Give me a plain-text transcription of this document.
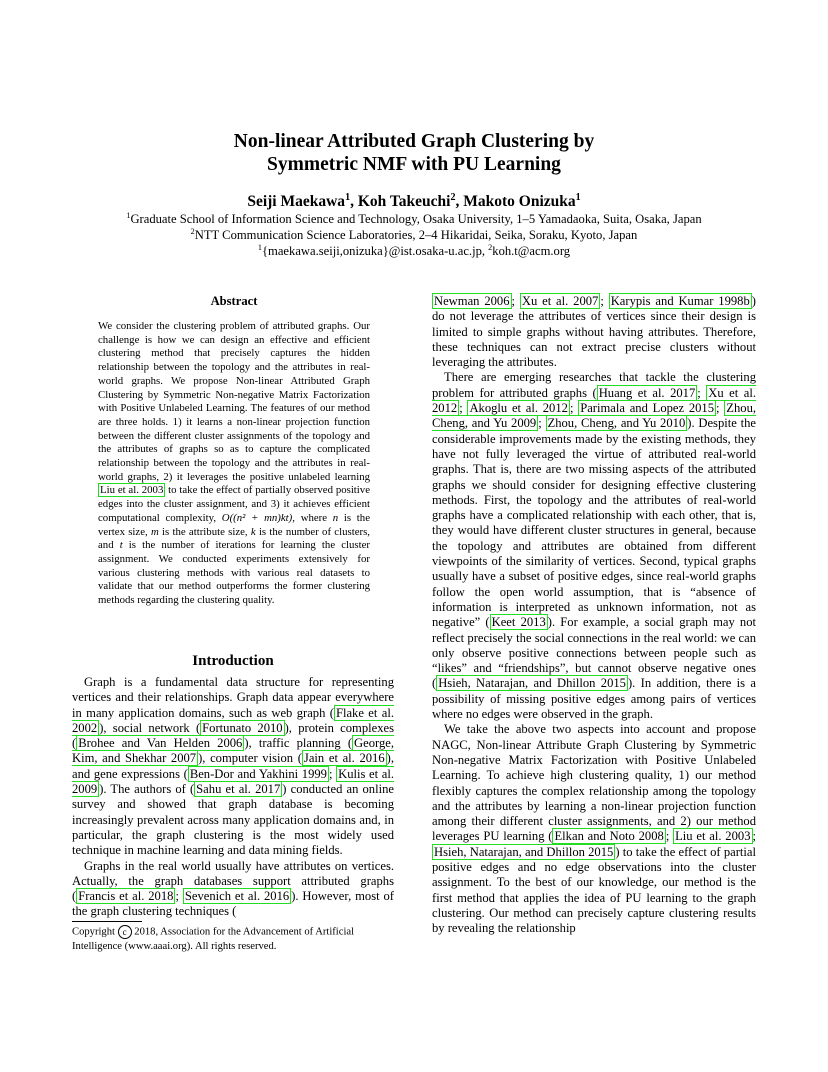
Non-linear Attributed Graph Clustering by
Symmetric NMF with PU Learning
Seiji Maekawa$^1$, Koh Takeuchi$^2$, Makoto Onizuka$^1$
$^1$Graduate School of Information Science and Technology, Osaka University, 1–5 Yamadaoka, Suita, Osaka, Japan
$^2$NTT Communication Science Laboratories, 2–4 Hikaridai, Seika, Soraku, Kyoto, Japan
$^1${maekawa.seiji,onizuka}@ist.osaka-u.ac.jp, $^2$koh.t@acm.org
Abstract
We consider the clustering problem of attributed graphs. Our challenge is how we can design an effective and efficient clustering method that precisely captures the hidden relationship between the topology and the attributes in real-world graphs. We propose Non-linear Attributed Graph Clustering by Symmetric Non-negative Matrix Factorization with Positive Unlabeled Learning. The features of our method are three holds. 1) it learns a non-linear projection function between the different cluster assignments of the topology and the attributes of graphs so as to capture the complicated relationship between the topology and the attributes in real-world graphs, 2) it leverages the positive unlabeled learning Liu et al. 2003 to take the effect of partially observed positive edges into the cluster assignment, and 3) it achieves efficient computational complexity, O((n² + mn)kt), where n is the vertex size, m is the attribute size, k is the number of clusters, and t is the number of iterations for learning the cluster assignment. We conducted experiments extensively for various clustering methods with various real datasets to validate that our method outperforms the former clustering methods regarding the clustering quality.
Introduction

Graph is a fundamental data structure for representing vertices and their relationships. Graph data appear everywhere in many application domains, such as web graph ( Flake et al. 2002 ), social network ( Fortunato 2010 ), protein complexes ( Brohee and Van Helden 2006 ), traffic planning ( George, Kim, and Shekhar 2007 ), computer vision ( Jain et al. 2016 ), and gene expressions ( Ben-Dor and Yakhini 1999 ; Kulis et al. 2009 ). The authors of ( Sahu et al. 2017 ) conducted an online survey and showed that graph database is becoming increasingly prevalent across many application domains and, in particular, the graph clustering is the most widely used technique in machine learning and data mining fields.

Graphs in the real world usually have attributes on vertices. Actually, the graph databases support attributed graphs ( Francis et al. 2018 ; Sevenich et al. 2016 ). However, most of the graph clustering techniques (

Newman 2006 ; Xu et al. 2007 ; Karypis and Kumar 1998b ) do not leverage the attributes of vertices since their design is limited to simple graphs without having attributes. Therefore, these techniques can not extract precise clusters without leveraging the attributes.

There are emerging researches that tackle the clustering problem for attributed graphs ( Huang et al. 2017 ; Xu et al. 2012 ; Akoglu et al. 2012 ; Parimala and Lopez 2015 ; Zhou, Cheng, and Yu 2009 ; Zhou, Cheng, and Yu 2010 ). Despite the considerable improvements made by the existing methods, they have not fully leveraged the virtue of attributed real-world graphs. That is, there are two missing aspects of the attributed graphs we should consider for designing effective clustering methods. First, the topology and the attributes of real-world graphs have a complicated relationship with each other, that is, they would have different cluster structures in general, because the topology and attributes are obtained from different viewpoints of the similarity of vertices. Second, typical graphs usually have a subset of positive edges, since real-world graphs follow the open world assumption, that is “absence of information is interpreted as unknown information, not as negative” ( Keet 2013 ). For example, a social graph may not reflect precisely the social connections in the real world: we can only observe positive connections between people such as “likes” and “friendships”, but cannot observe negative ones ( Hsieh, Natarajan, and Dhillon 2015 ). In addition, there is a possibility of missing positive edges among pairs of vertices where no edges were observed in the graph.

We take the above two aspects into account and propose NAGC, Non-linear Attribute Graph Clustering by Symmetric Non-negative Matrix Factorization with Positive Unlabeled Learning. To achieve high clustering quality, 1) our method flexibly captures the complex relationship among the topology and the attributes by learning a non-linear projection function among their different cluster assignments, and 2) our method leverages PU learning ( Elkan and Noto 2008 ; Liu et al. 2003 ; Hsieh, Natarajan, and Dhillon 2015 ) to take the effect of partial positive edges and no edge observations into the cluster assignment. To the best of our knowledge, our method is the first method that applies the idea of PU learning to the graph clustering. Our method can precisely capture clustering results by revealing the relationship

Copyright c 2018, Association for the Advancement of Artificial Intelligence (www.aaai.org). All rights reserved.
